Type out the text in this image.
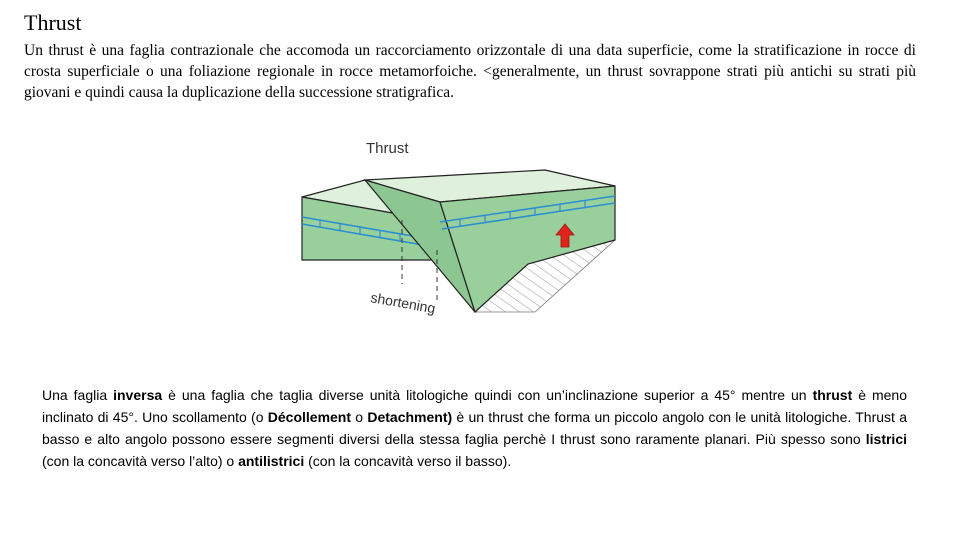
Thrust

Un thrust è una faglia contrazionale che accomoda un raccorciamento orizzontale di una data superficie, come la stratificazione in rocce di crosta superficiale o una foliazione regionale in rocce metamorfoiche. <generalmente, un thrust sovrappone strati più antichi su strati più giovani e quindi causa la duplicazione della successione stratigrafica.

Thrust
shortening

Una faglia inversa è una faglia che taglia diverse unità litologiche quindi con un’inclinazione superior a 45° mentre un thrust è meno inclinato di 45°. Uno scollamento (o Décollement o Detachment) è un thrust che forma un piccolo angolo con le unità litologiche. Thrust a basso e alto angolo possono essere segmenti diversi della stessa faglia perchè I thrust sono raramente planari. Più spesso sono listrici (con la concavità verso l’alto) o antilistrici (con la concavità verso il basso).
